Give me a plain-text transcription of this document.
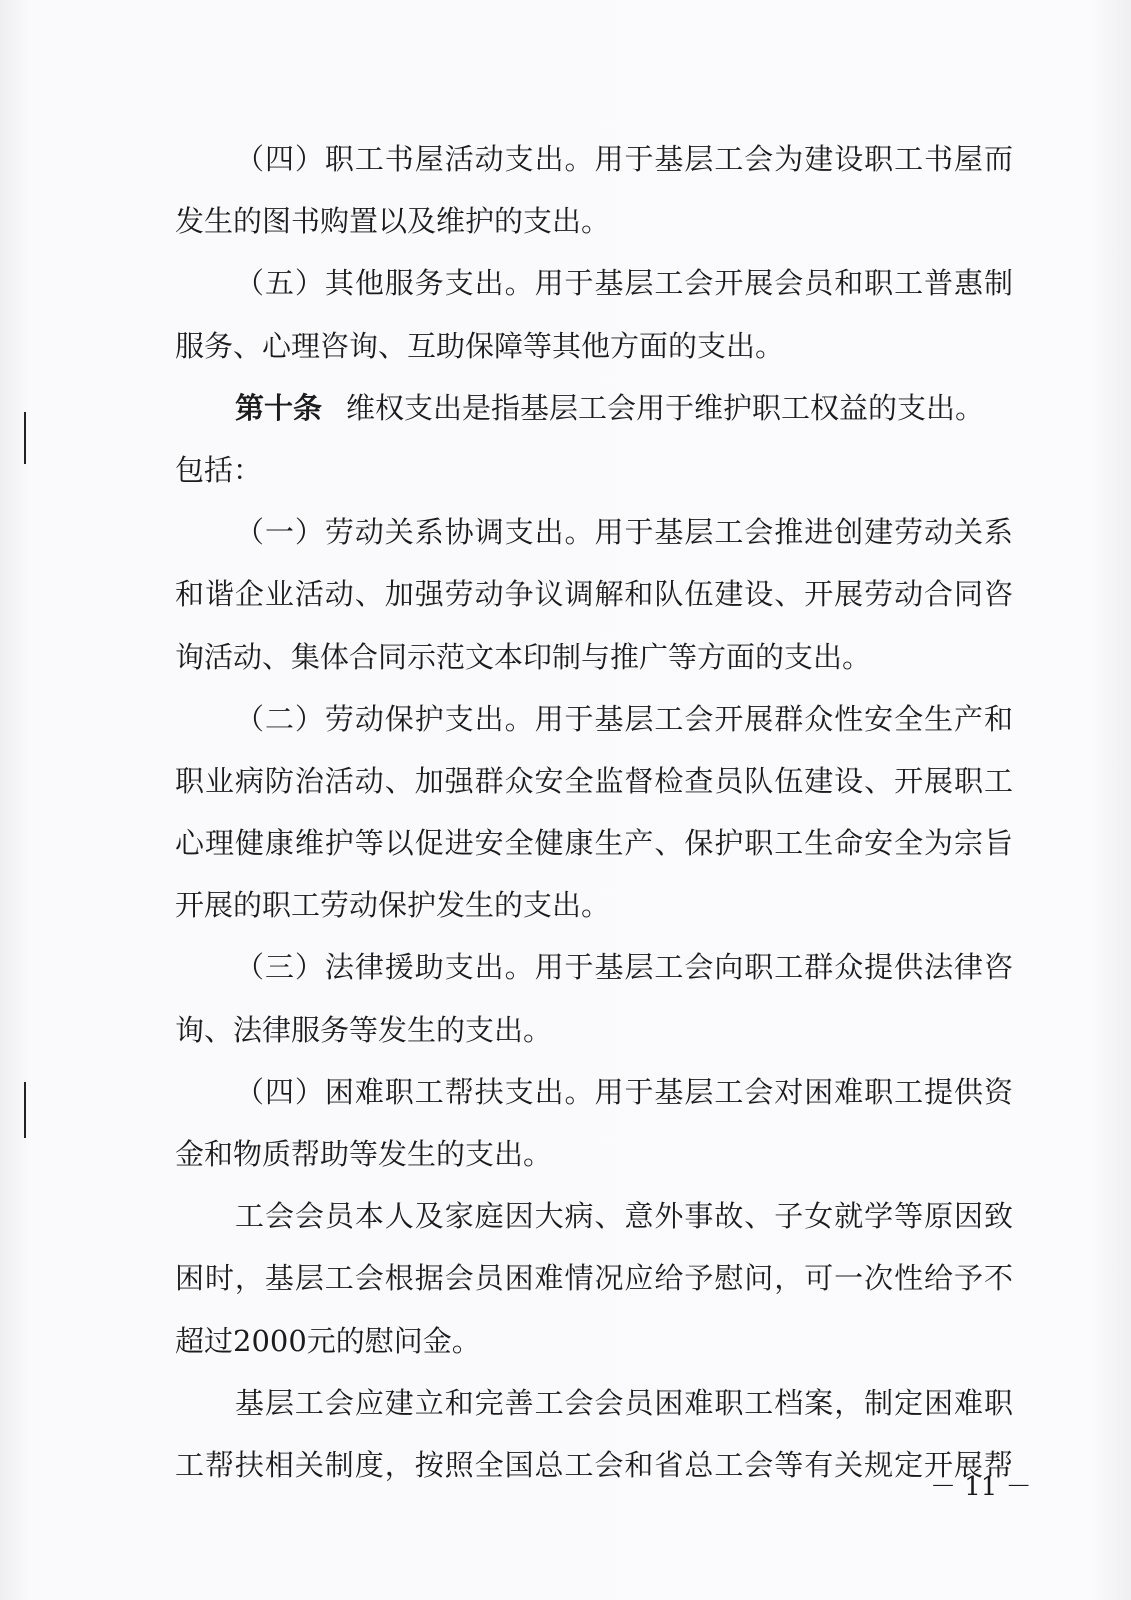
（四）职工书屋活动支出。用于基层工会为建设职工书屋而
发生的图书购置以及维护的支出。
（五）其他服务支出。用于基层工会开展会员和职工普惠制
服务、心理咨询、互助保障等其他方面的支出。
第十条 维权支出是指基层工会用于维护职工权益的支出。
包括：
（一）劳动关系协调支出。用于基层工会推进创建劳动关系
和谐企业活动、加强劳动争议调解和队伍建设、开展劳动合同咨
询活动、集体合同示范文本印制与推广等方面的支出。
（二）劳动保护支出。用于基层工会开展群众性安全生产和
职业病防治活动、加强群众安全监督检查员队伍建设、开展职工
心理健康维护等以促进安全健康生产、保护职工生命安全为宗旨
开展的职工劳动保护发生的支出。
（三）法律援助支出。用于基层工会向职工群众提供法律咨
询、法律服务等发生的支出。
（四）困难职工帮扶支出。用于基层工会对困难职工提供资
金和物质帮助等发生的支出。
工会会员本人及家庭因大病、意外事故、子女就学等原因致
困时，基层工会根据会员困难情况应给予慰问，可一次性给予不
超过2000元的慰问金。
基层工会应建立和完善工会会员困难职工档案，制定困难职
工帮扶相关制度，按照全国总工会和省总工会等有关规定开展帮
－ 11 －
